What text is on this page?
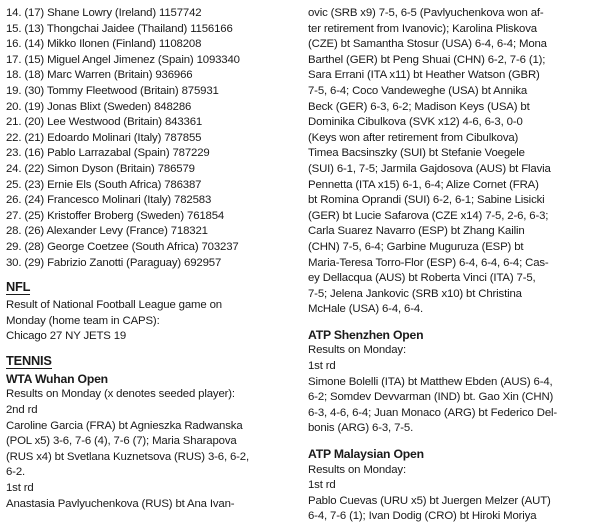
14. (17) Shane Lowry (Ireland) 1157742
15. (13) Thongchai Jaidee (Thailand) 1156166
16. (14) Mikko Ilonen (Finland) 1108208
17. (15) Miguel Angel Jimenez (Spain) 1093340
18. (18) Marc Warren (Britain) 936966
19. (30) Tommy Fleetwood (Britain) 875931
20. (19) Jonas Blixt (Sweden) 848286
21. (20) Lee Westwood (Britain) 843361
22. (21) Edoardo Molinari (Italy) 787855
23. (16) Pablo Larrazabal (Spain) 787229
24. (22) Simon Dyson (Britain) 786579
25. (23) Ernie Els (South Africa) 786387
26. (24) Francesco Molinari (Italy) 782583
27. (25) Kristoffer Broberg (Sweden) 761854
28. (26) Alexander Levy (France) 718321
29. (28) George Coetzee (South Africa) 703237
30. (29) Fabrizio Zanotti (Paraguay) 692957
NFL
Result of National Football League game on
Monday (home team in CAPS):
Chicago 27 NY JETS 19
TENNIS
WTA Wuhan Open
Results on Monday (x denotes seeded player):
2nd rd
Caroline Garcia (FRA) bt Agnieszka Radwanska
(POL x5) 3-6, 7-6 (4), 7-6 (7); Maria Sharapova
(RUS x4) bt Svetlana Kuznetsova (RUS) 3-6, 6-2,
6-2.
1st rd
Anastasia Pavlyuchenkova (RUS) bt Ana Ivan-
ovic (SRB x9) 7-5, 6-5 (Pavlyuchenkova won af-
ter retirement from Ivanovic); Karolina Pliskova
(CZE) bt Samantha Stosur (USA) 6-4, 6-4; Mona
Barthel (GER) bt Peng Shuai (CHN) 6-2, 7-6 (1);
Sara Errani (ITA x11) bt Heather Watson (GBR)
7-5, 6-4; Coco Vandeweghe (USA) bt Annika
Beck (GER) 6-3, 6-2; Madison Keys (USA) bt
Dominika Cibulkova (SVK x12) 4-6, 6-3, 0-0
(Keys won after retirement from Cibulkova)
Timea Bacsinszky (SUI) bt Stefanie Voegele
(SUI) 6-1, 7-5; Jarmila Gajdosova (AUS) bt Flavia
Pennetta (ITA x15) 6-1, 6-4; Alize Cornet (FRA)
bt Romina Oprandi (SUI) 6-2, 6-1; Sabine Lisicki
(GER) bt Lucie Safarova (CZE x14) 7-5, 2-6, 6-3;
Carla Suarez Navarro (ESP) bt Zhang Kailin
(CHN) 7-5, 6-4; Garbine Muguruza (ESP) bt
Maria-Teresa Torro-Flor (ESP) 6-4, 6-4, 6-4; Cas-
ey Dellacqua (AUS) bt Roberta Vinci (ITA) 7-5,
7-5; Jelena Jankovic (SRB x10) bt Christina
McHale (USA) 6-4, 6-4.
ATP Shenzhen Open
Results on Monday:
1st rd
Simone Bolelli (ITA) bt Matthew Ebden (AUS) 6-4,
6-2; Somdev Devvarman (IND) bt. Gao Xin (CHN)
6-3, 4-6, 6-4; Juan Monaco (ARG) bt Federico Del-
bonis (ARG) 6-3, 7-5.
ATP Malaysian Open
Results on Monday:
1st rd
Pablo Cuevas (URU x5) bt Juergen Melzer (AUT)
6-4, 7-6 (1); Ivan Dodig (CRO) bt Hiroki Moriya
